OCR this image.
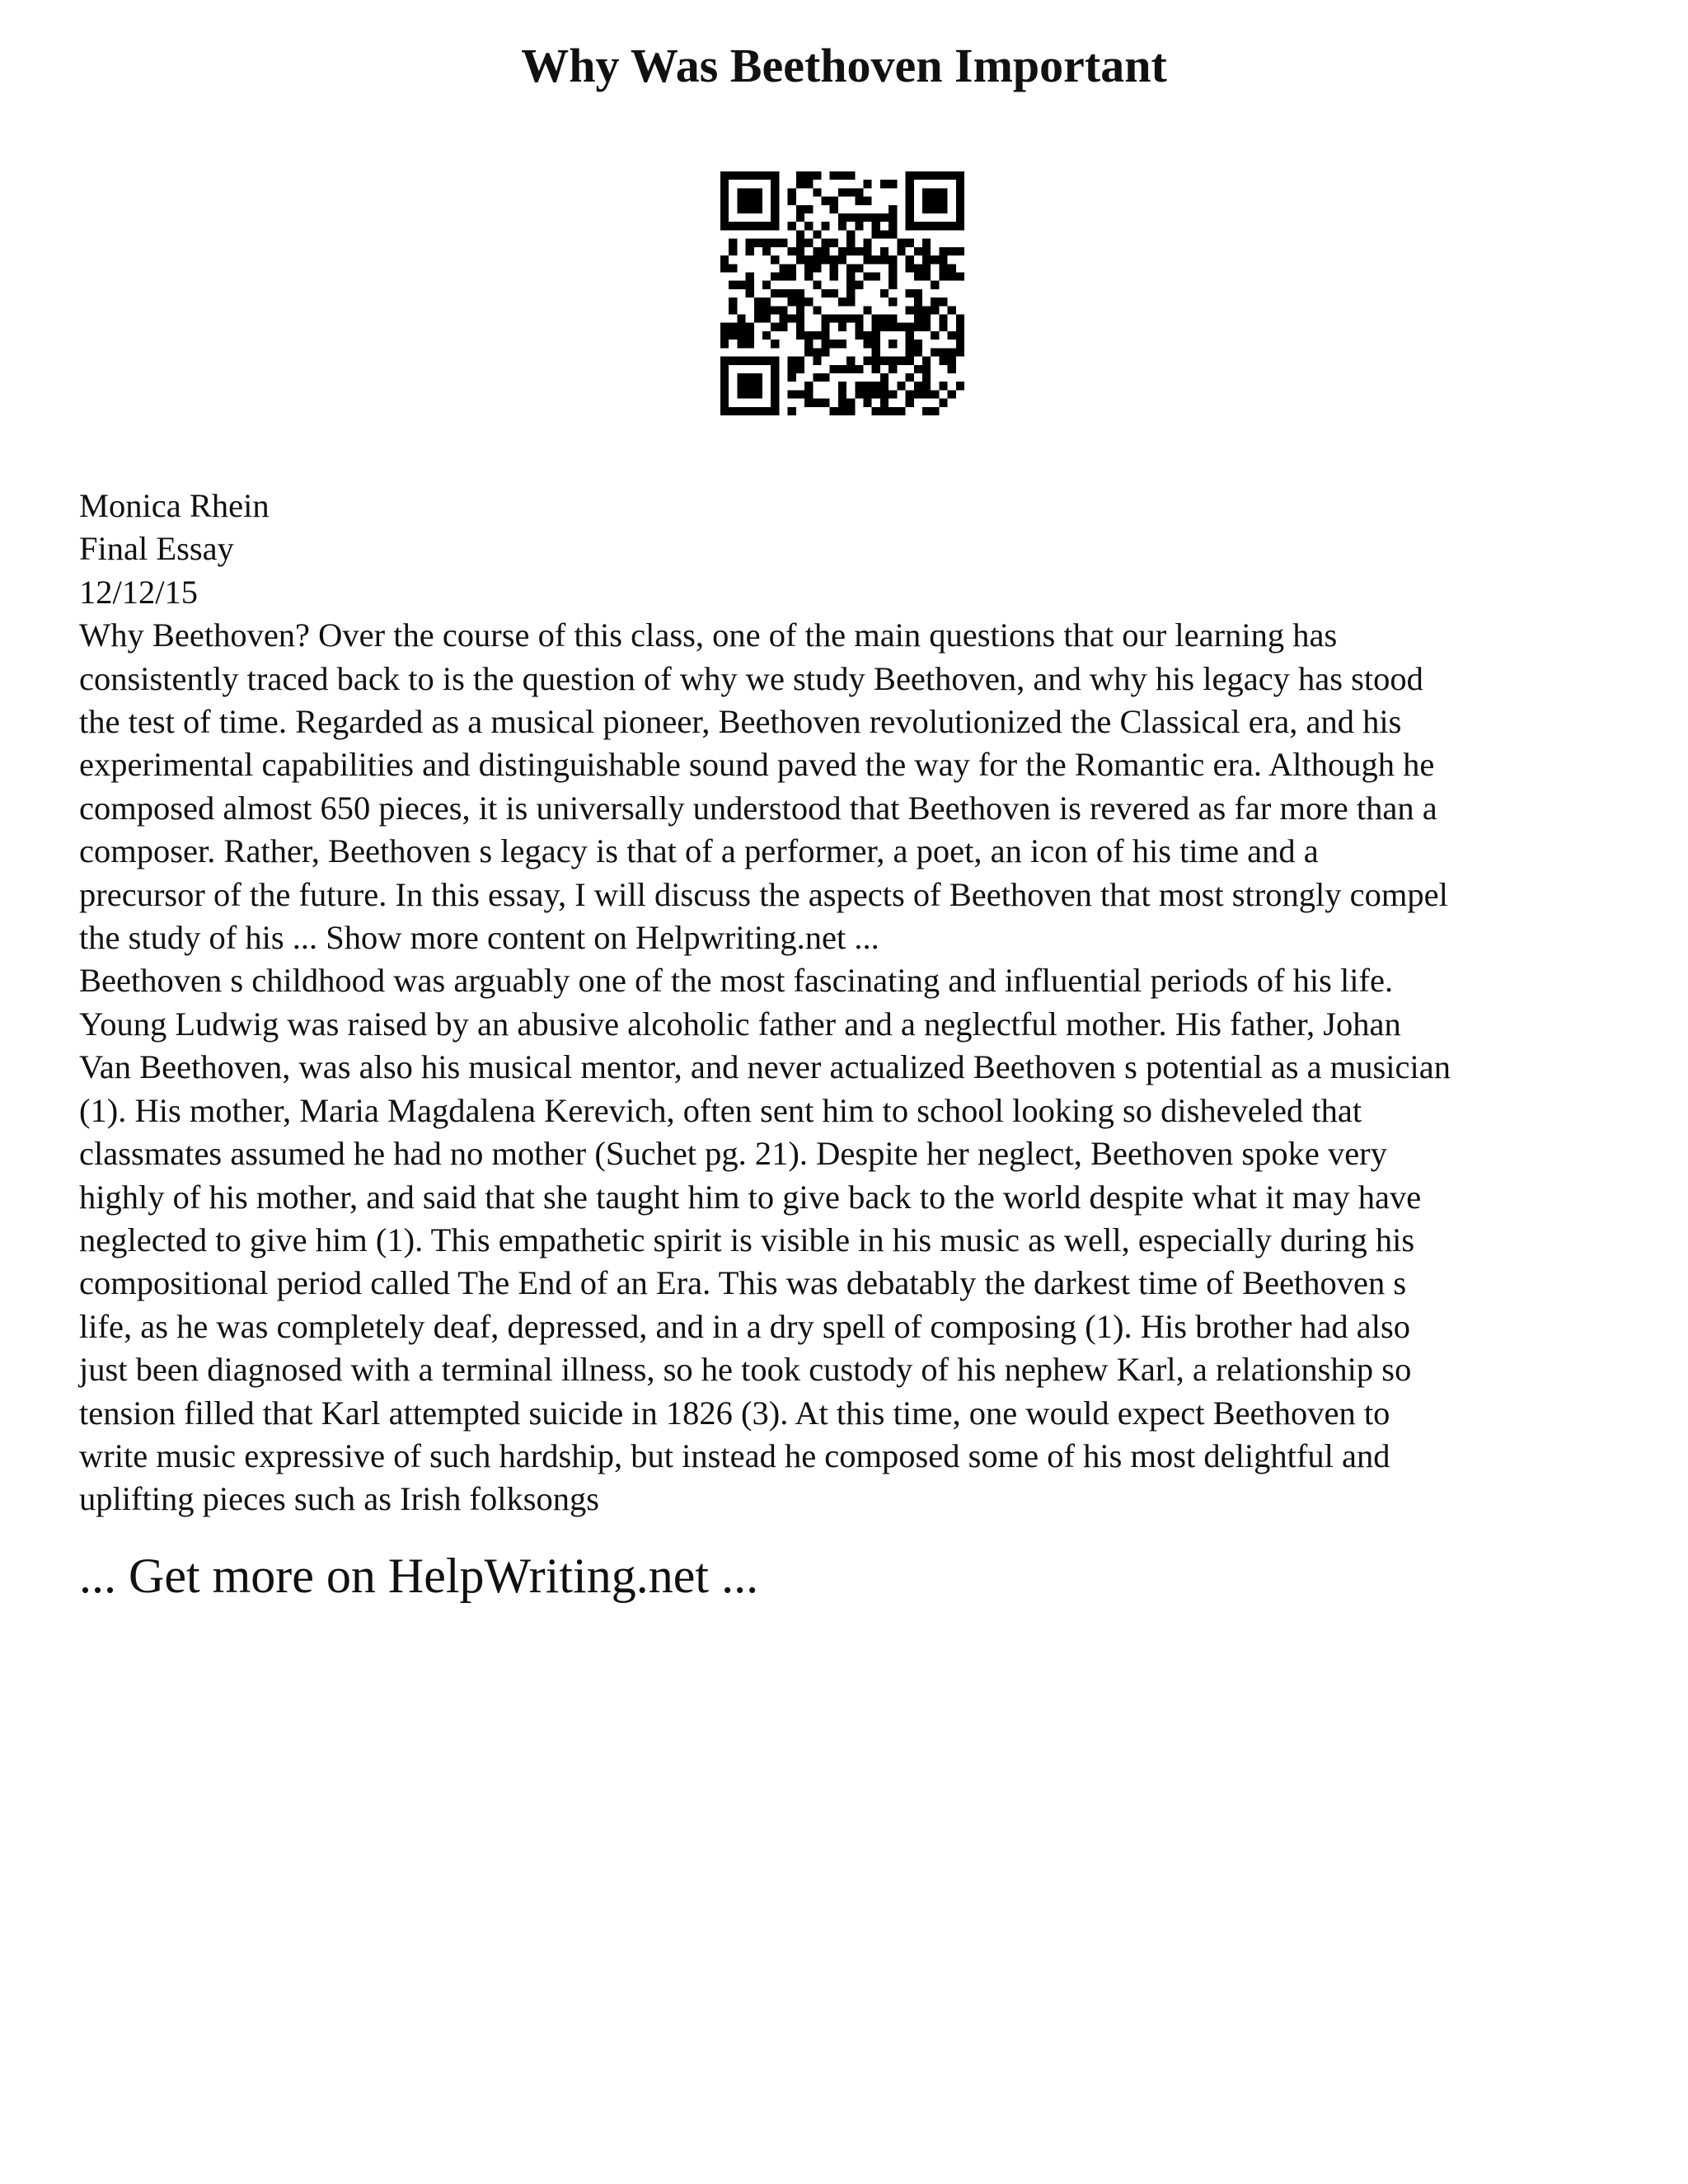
Why Was Beethoven Important
Monica Rhein
Final Essay
12/12/15
Why Beethoven? Over the course of this class, one of the main questions that our learning has
consistently traced back to is the question of why we study Beethoven, and why his legacy has stood
the test of time. Regarded as a musical pioneer, Beethoven revolutionized the Classical era, and his
experimental capabilities and distinguishable sound paved the way for the Romantic era. Although he
composed almost 650 pieces, it is universally understood that Beethoven is revered as far more than a
composer. Rather, Beethoven s legacy is that of a performer, a poet, an icon of his time and a
precursor of the future. In this essay, I will discuss the aspects of Beethoven that most strongly compel
the study of his ... Show more content on Helpwriting.net ...
Beethoven s childhood was arguably one of the most fascinating and influential periods of his life.
Young Ludwig was raised by an abusive alcoholic father and a neglectful mother. His father, Johan
Van Beethoven, was also his musical mentor, and never actualized Beethoven s potential as a musician
(1). His mother, Maria Magdalena Kerevich, often sent him to school looking so disheveled that
classmates assumed he had no mother (Suchet pg. 21). Despite her neglect, Beethoven spoke very
highly of his mother, and said that she taught him to give back to the world despite what it may have
neglected to give him (1). This empathetic spirit is visible in his music as well, especially during his
compositional period called The End of an Era. This was debatably the darkest time of Beethoven s
life, as he was completely deaf, depressed, and in a dry spell of composing (1). His brother had also
just been diagnosed with a terminal illness, so he took custody of his nephew Karl, a relationship so
tension filled that Karl attempted suicide in 1826 (3). At this time, one would expect Beethoven to
write music expressive of such hardship, but instead he composed some of his most delightful and
uplifting pieces such as Irish folksongs

... Get more on HelpWriting.net ...
